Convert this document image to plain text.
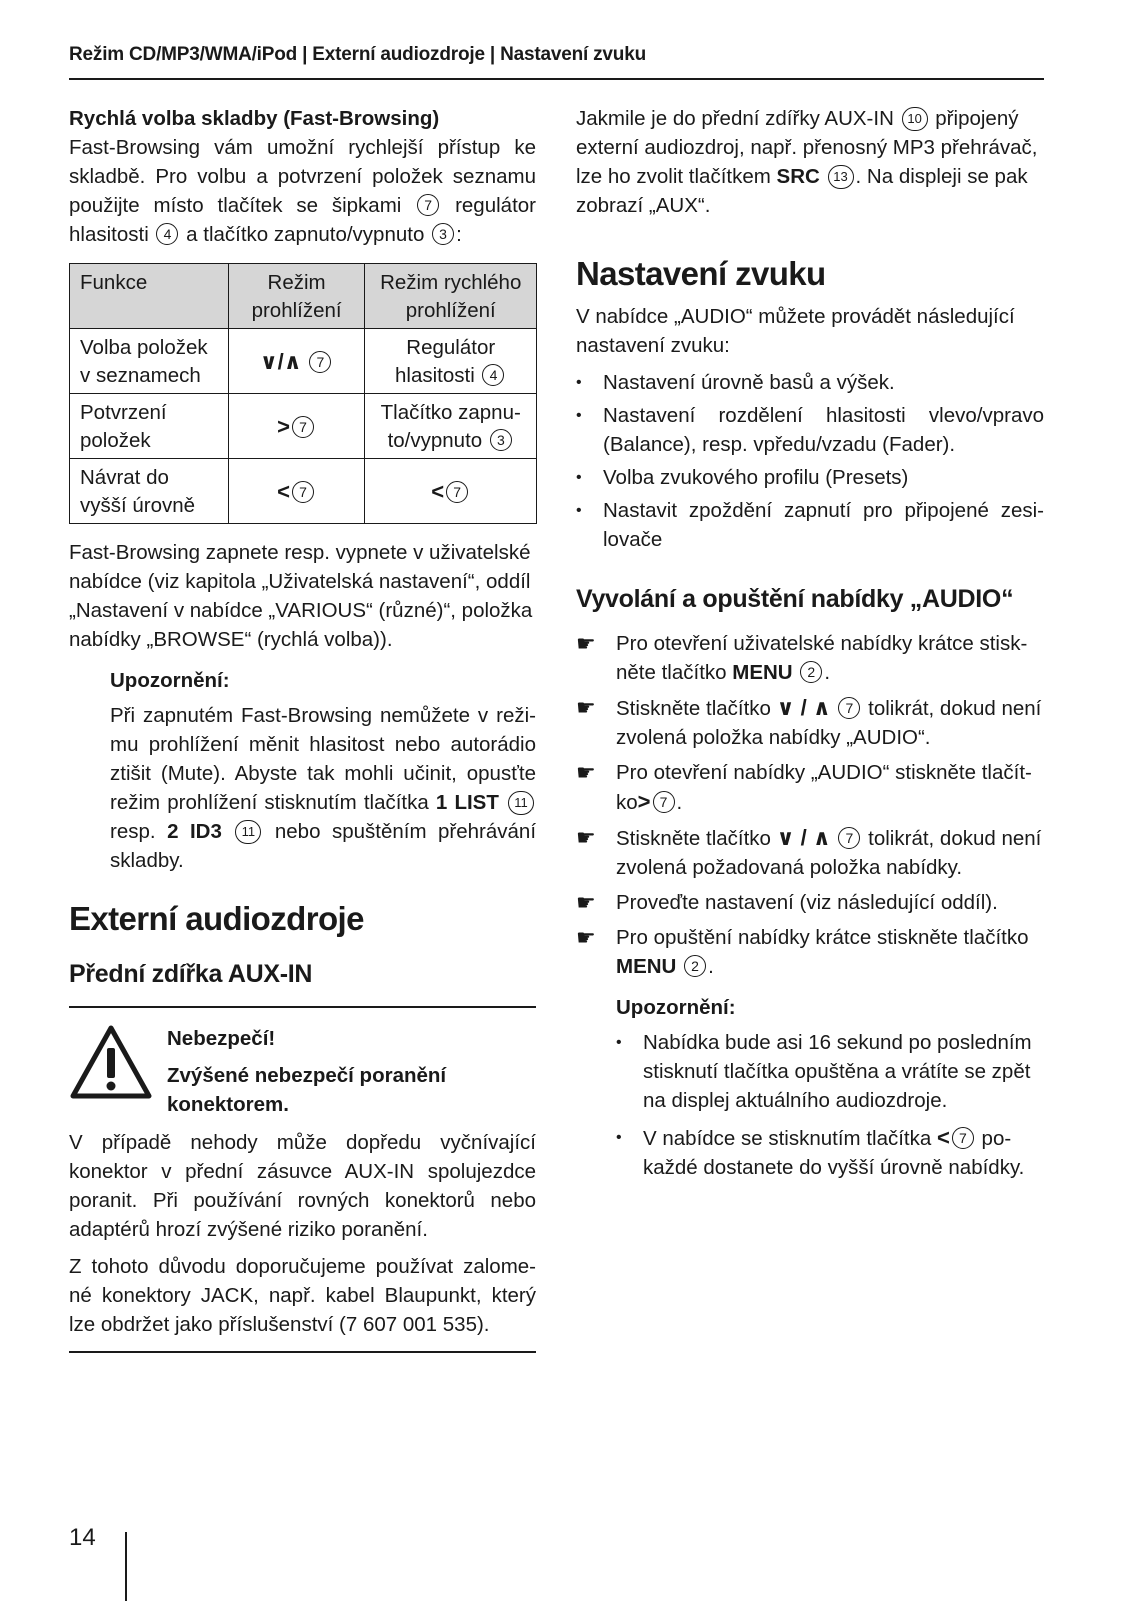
Režim CD/MP3/WMA/iPod | Externí audiozdroje | Nastavení zvuku
Rychlá volba skladby (Fast-Browsing)

Fast-Browsing vám umožní rychlejší přístup ke skladbě. Pro volbu a potvrzení položek seznamu použijte místo tlačítek se šipkami 7 regulátor hlasitosti 4 a tlačítko zapnuto/vypnuto 3 :

Funkce	Režim prohlížení	Režim rychlého prohlížení
Volba položek v seznamech	∨/∧ 7	Regulátor hlasitosti 4
Potvrzení položek	> 7	Tlačítko zapnu-to/vypnuto 3
Návrat do vyšší úrovně	< 7	< 7

Fast-Browsing zapnete resp. vypnete v uživatelské nabídce (viz kapitola „Uživatelská nastavení“, oddíl „Nastavení v nabídce „VARIOUS“ (různé)“, položka nabídky „BROWSE“ (rychlá volba)).

Upozornění:

Při zapnutém Fast-Browsing nemůžete v reži-mu prohlížení měnit hlasitost nebo autorádio ztišit (Mute). Abyste tak mohli učinit, opusťte režim prohlížení stisknutím tlačítka 1 LIST 11 resp. 2 ID3 11 nebo spuštěním přehrávání skladby.

Externí audiozdroje
Přední zdířka AUX-IN
Nebezpečí!
Zvýšené nebezpečí poranění konektorem.

V případě nehody může dopředu vyčnívající konektor v přední zásuvce AUX-IN spolujezdce poranit. Při používání rovných konektorů nebo adaptérů hrozí zvýšené riziko poranění.

Z tohoto důvodu doporučujeme používat zalome-né konektory JACK, např. kabel Blaupunkt, který lze obdržet jako příslušenství (7 607 001 535).

Jakmile je do přední zdířky AUX-IN 10 připojený externí audiozdroj, např. přenosný MP3 přehrávač, lze ho zvolit tlačítkem SRC 13 . Na displeji se pak zobrazí „AUX“.

Nastavení zvuku

V nabídce „AUDIO“ můžete provádět následující nastavení zvuku:

• Nastavení úrovně basů a výšek.
• Nastavení rozdělení hlasitosti vlevo/vpravo (Balance), resp. vpředu/vzadu (Fader).
• Volba zvukového profilu (Presets)
• Nastavit zpoždění zapnutí pro připojené zesi-lovače
Vyvolání a opuštění nabídky „AUDIO“
☛ Pro otevření uživatelské nabídky krátce stisk-něte tlačítko MENU 2 .
☛ Stiskněte tlačítko ∨ / ∧ 7 tolikrát, dokud není zvolená položka nabídky „AUDIO“.
☛ Pro otevření nabídky „AUDIO“ stiskněte tlačít-ko> 7 .
☛ Stiskněte tlačítko ∨ / ∧ 7 tolikrát, dokud není zvolená požadovaná položka nabídky.
☛ Proveďte nastavení (viz následující oddíl).
☛ Pro opuštění nabídky krátce stiskněte tlačítko MENU 2 .
Upozornění:
• Nabídka bude asi 16 sekund po posledním stisknutí tlačítka opuštěna a vrátíte se zpět na displej aktuálního audiozdroje.
• V nabídce se stisknutím tlačítka < 7 po-každé dostanete do vyšší úrovně nabídky.
14
